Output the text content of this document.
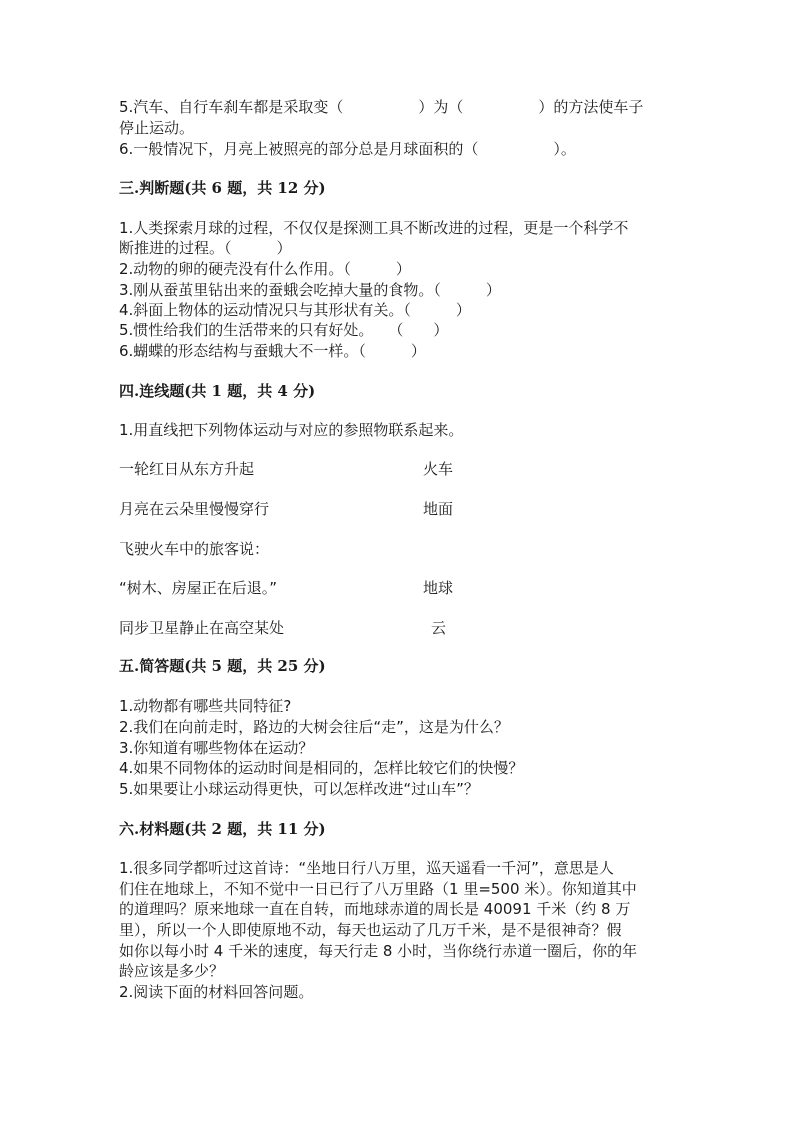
5.汽车、自行车刹车都是采取变（　　　　　）为（　　　　　）的方法使车子
停止运动。
6.一般情况下，月亮上被照亮的部分总是月球面积的（　　　　　）。
三.判断题(共 6 题，共 12 分)
1.人类探索月球的过程，不仅仅是探测工具不断改进的过程，更是一个科学不
断推进的过程。（　　　）
2.动物的卵的硬壳没有什么作用。（　　　）
3.刚从蚕茧里钻出来的蚕蛾会吃掉大量的食物。（　　　）
4.斜面上物体的运动情况只与其形状有关。（　　　）
5.惯性给我们的生活带来的只有好处。　　（　　）
6.蝴蝶的形态结构与蚕蛾大不一样。（　　　）
四.连线题(共 1 题，共 4 分)
1.用直线把下列物体运动与对应的参照物联系起来。
一轮红日从东方升起	火车
月亮在云朵里慢慢穿行	地面
飞驶火车中的旅客说：
“树木、房屋正在后退。”	地球
同步卫星静止在高空某处	云
五.简答题(共 5 题，共 25 分)
1.动物都有哪些共同特征?
2.我们在向前走时，路边的大树会往后“走”，这是为什么？
3.你知道有哪些物体在运动？
4.如果不同物体的运动时间是相同的，怎样比较它们的快慢？
5.如果要让小球运动得更快，可以怎样改进“过山车”？
六.材料题(共 2 题，共 11 分)
1.很多同学都听过这首诗：“坐地日行八万里，巡天遥看一千河”，意思是人
们住在地球上，不知不觉中一日已行了八万里路（1 里=500 米）。你知道其中
的道理吗？原来地球一直在自转，而地球赤道的周长是 40091 千米（约 8 万
里），所以一个人即使原地不动，每天也运动了几万千米，是不是很神奇？假
如你以每小时 4 千米的速度，每天行走 8 小时，当你绕行赤道一圈后，你的年
龄应该是多少？
2.阅读下面的材料回答问题。
